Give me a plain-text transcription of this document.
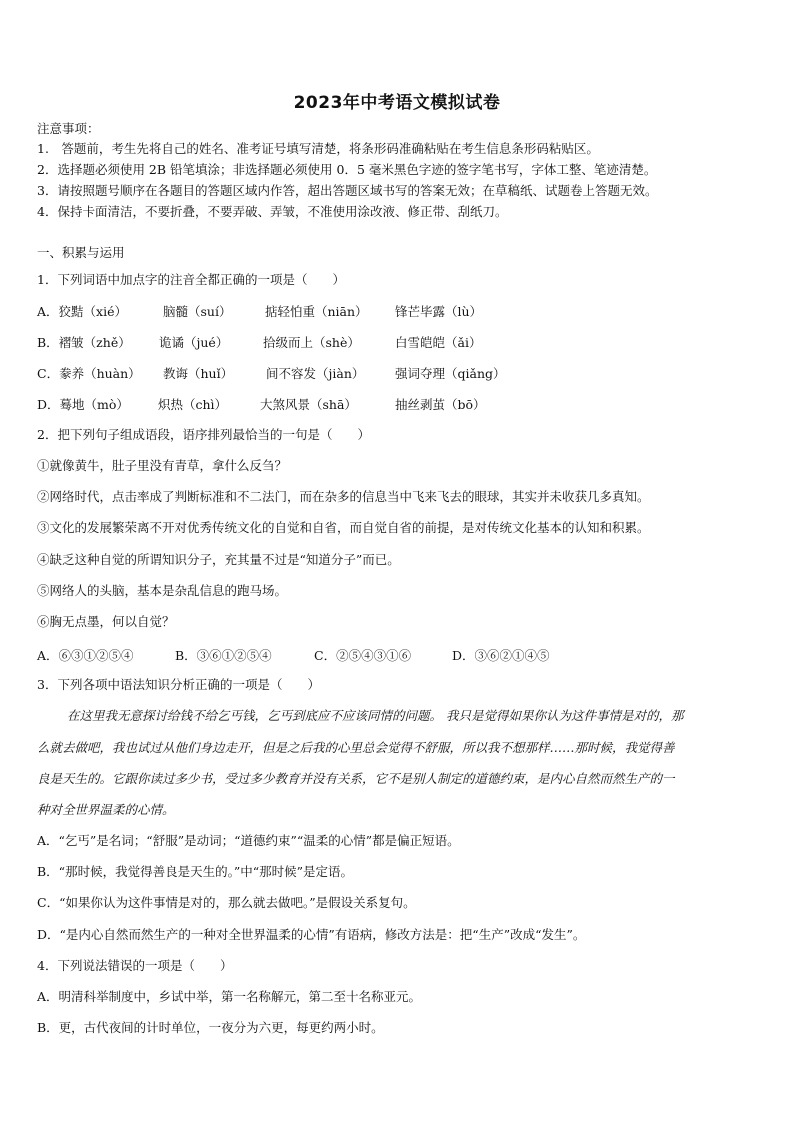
2023年中考语文模拟试卷
注意事项：
1.　答题前，考生先将自己的姓名、准考证号填写清楚，将条形码准确粘贴在考生信息条形码粘贴区。
2．选择题必须使用 2B 铅笔填涂；非选择题必须使用 0．5 毫米黑色字迹的签字笔书写，字体工整、笔迹清楚。
3．请按照题号顺序在各题目的答题区域内作答，超出答题区域书写的答案无效；在草稿纸、试题卷上答题无效。
4．保持卡面清洁，不要折叠，不要弄破、弄皱，不准使用涂改液、修正带、刮纸刀。
一、积累与运用
1．下列词语中加点字的注音全都正确的一项是（　　）
A．狡黠（xié）	脑髓（suí）	掂轻怕重（niān） 锋芒毕露（lù）
B．褶皱（zhě） 诡谲（jué）	拾级而上（shè）	白雪皑皑（ǎi）
C．豢养（huàn） 教诲（huǐ）	间不容发（jiàn） 强词夺理（qiǎng）
D．蓦地（mò） 炽热（chì）	大煞风景（shā）	抽丝剥茧（bō）
2．把下列句子组成语段，语序排列最恰当的一句是（　　）
①就像黄牛，肚子里没有青草，拿什么反刍？
②网络时代，点击率成了判断标准和不二法门，而在杂多的信息当中飞来飞去的眼球，其实并未收获几多真知。
③文化的发展繁荣离不开对优秀传统文化的自觉和自省，而自觉自省的前提，是对传统文化基本的认知和积累。
④缺乏这种自觉的所谓知识分子，充其量不过是“知道分子”而已。
⑤网络人的头脑，基本是杂乱信息的跑马场。
⑥胸无点墨，何以自觉？
A．⑥③①②⑤④	B．③⑥①②⑤④	C．②⑤④③①⑥	D．③⑥②①④⑤
3．下列各项中语法知识分析正确的一项是（　　）
在这里我无意探讨给钱不给乞丐钱，乞丐到底应不应该同情的问题。 我只是觉得如果你认为这件事情是对的，那
么就去做吧，我也试过从他们身边走开，但是之后我的心里总会觉得不舒服，所以我不想那样……那时候，我觉得善
良是天生的。它跟你读过多少书，受过多少教育并没有关系，它不是别人制定的道德约束，是内心自然而然生产的一
种对全世界温柔的心情。
A．“乞丐”是名词；“舒服”是动词；“道德约束”“温柔的心情”都是偏正短语。
B．“那时候，我觉得善良是天生的。”中“那时候”是定语。
C．“如果你认为这件事情是对的，那么就去做吧。”是假设关系复句。
D．“是内心自然而然生产的一种对全世界温柔的心情”有语病，修改方法是：把“生产”改成“发生”。
4．下列说法错误的一项是（　　）
A．明清科举制度中，乡试中举，第一名称解元，第二至十名称亚元。
B．更，古代夜间的计时单位，一夜分为六更，每更约两小时。
